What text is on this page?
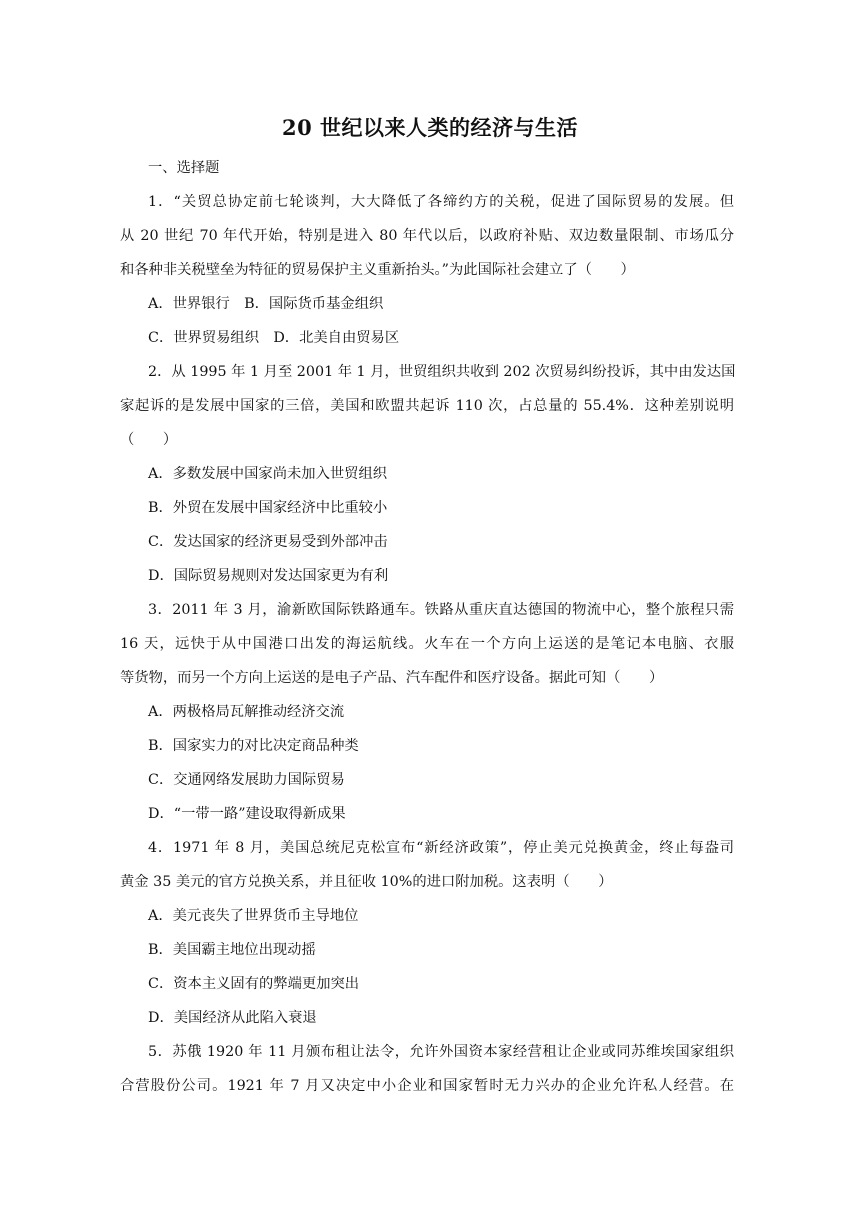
20 世纪以来人类的经济与生活
一、选择题
1．“关贸总协定前七轮谈判，大大降低了各缔约方的关税，促进了国际贸易的发展。但
从 20 世纪 70 年代开始，特别是进入 80 年代以后，以政府补贴、双边数量限制、市场瓜分
和各种非关税壁垒为特征的贸易保护主义重新抬头。”为此国际社会建立了（　　）
A．世界银行　B．国际货币基金组织
C．世界贸易组织　D．北美自由贸易区
2．从 1995 年 1 月至 2001 年 1 月，世贸组织共收到 202 次贸易纠纷投诉，其中由发达国
家起诉的是发展中国家的三倍，美国和欧盟共起诉 110 次，占总量的 55.4%．这种差别说明
（　　）
A．多数发展中国家尚未加入世贸组织
B．外贸在发展中国家经济中比重较小
C．发达国家的经济更易受到外部冲击
D．国际贸易规则对发达国家更为有利
3．2011 年 3 月，渝新欧国际铁路通车。铁路从重庆直达德国的物流中心，整个旅程只需
16 天，远快于从中国港口出发的海运航线。火车在一个方向上运送的是笔记本电脑、衣服
等货物，而另一个方向上运送的是电子产品、汽车配件和医疗设备。据此可知（　　）
A．两极格局瓦解推动经济交流
B．国家实力的对比决定商品种类
C．交通网络发展助力国际贸易
D．“一带一路”建设取得新成果
4．1971 年 8 月，美国总统尼克松宣布“新经济政策”，停止美元兑换黄金，终止每盎司
黄金 35 美元的官方兑换关系，并且征收 10%的进口附加税。这表明（　　）
A．美元丧失了世界货币主导地位
B．美国霸主地位出现动摇
C．资本主义固有的弊端更加突出
D．美国经济从此陷入衰退
5．苏俄 1920 年 11 月颁布租让法令，允许外国资本家经营租让企业或同苏维埃国家组织
合营股份公司。1921 年 7 月又决定中小企业和国家暂时无力兴办的企业允许私人经营。在
